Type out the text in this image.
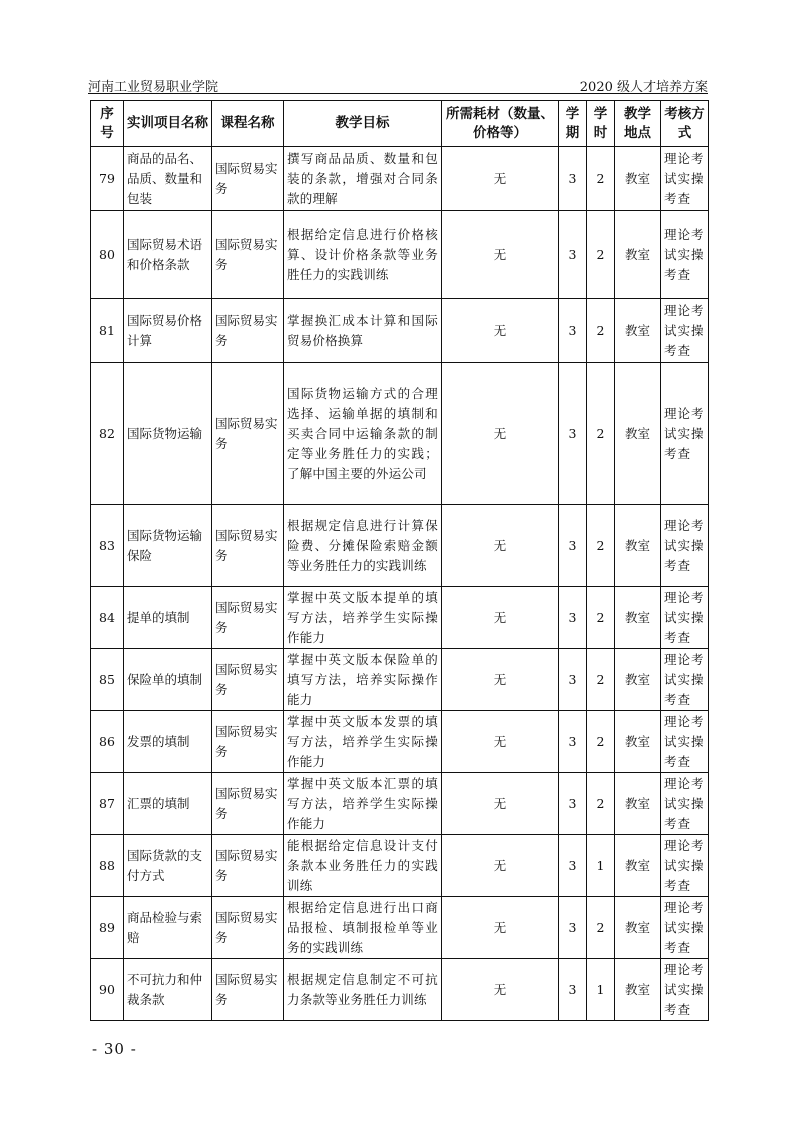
河南工业贸易职业学院	2020 级人才培养方案
序号	实训项目名称	课程名称	教学目标	所需耗材（数量、价格等）	学期	学时	教学地点	考核方式
79	商品的品名、品质、数量和包装	国际贸易实务	撰写商品品质、数量和包装的条款，增强对合同条款的理解	无	3	2	教室	理论考试实操考查
80	国际贸易术语和价格条款	国际贸易实务	根据给定信息进行价格核算、设计价格条款等业务胜任力的实践训练	无	3	2	教室	理论考试实操考查
81	国际贸易价格计算	国际贸易实务	掌握换汇成本计算和国际贸易价格换算	无	3	2	教室	理论考试实操考查
82	国际货物运输	国际贸易实务	国际货物运输方式的合理选择、运输单据的填制和买卖合同中运输条款的制定等业务胜任力的实践；了解中国主要的外运公司	无	3	2	教室	理论考试实操考查
83	国际货物运输保险	国际贸易实务	根据规定信息进行计算保险费、分摊保险索赔金额等业务胜任力的实践训练	无	3	2	教室	理论考试实操考查
84	提单的填制	国际贸易实务	掌握中英文版本提单的填写方法，培养学生实际操作能力	无	3	2	教室	理论考试实操考查
85	保险单的填制	国际贸易实务	掌握中英文版本保险单的填写方法，培养实际操作能力	无	3	2	教室	理论考试实操考查
86	发票的填制	国际贸易实务	掌握中英文版本发票的填写方法，培养学生实际操作能力	无	3	2	教室	理论考试实操考查
87	汇票的填制	国际贸易实务	掌握中英文版本汇票的填写方法，培养学生实际操作能力	无	3	2	教室	理论考试实操考查
88	国际货款的支付方式	国际贸易实务	能根据给定信息设计支付条款本业务胜任力的实践训练	无	3	1	教室	理论考试实操考查
89	商品检验与索赔	国际贸易实务	根据给定信息进行出口商品报检、填制报检单等业务的实践训练	无	3	2	教室	理论考试实操考查
90	不可抗力和仲裁条款	国际贸易实务	根据规定信息制定不可抗力条款等业务胜任力训练	无	3	1	教室	理论考试实操考查
- 30 -
